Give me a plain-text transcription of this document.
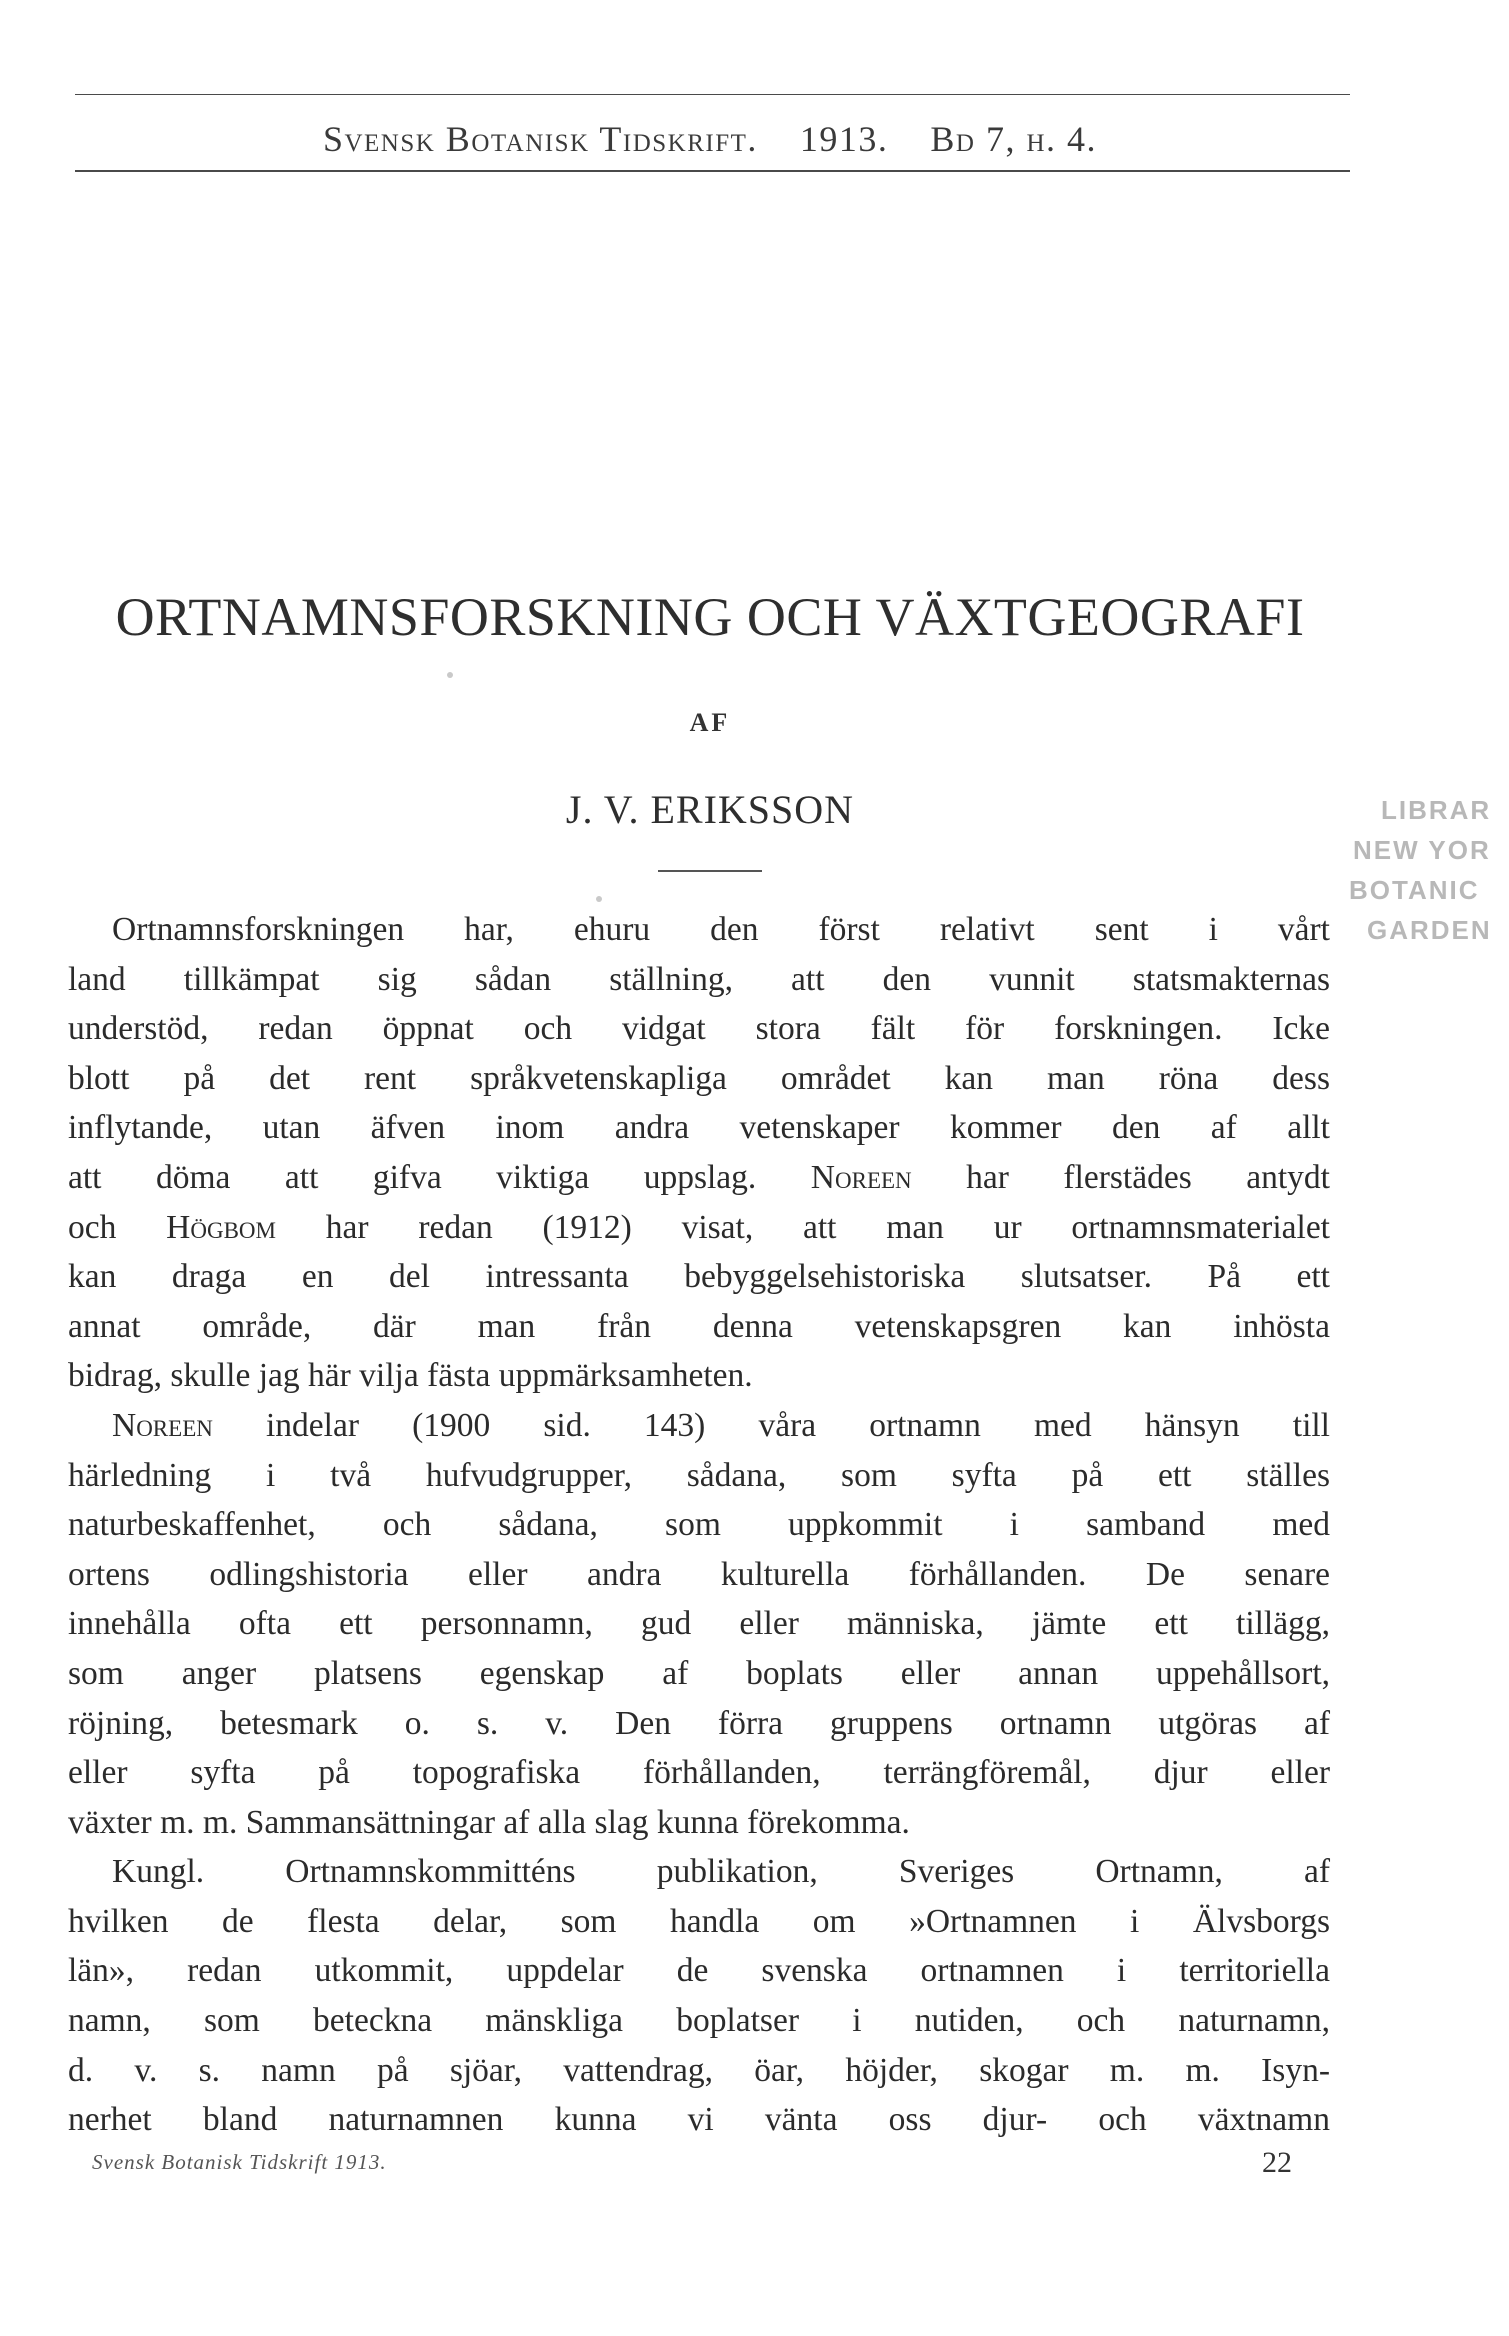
Svensk Botanisk Tidskrift. 1913. Bd 7, h. 4.
ORTNAMNSFORSKNING OCH VÄXTGEOGRAFI
AF
J. V. ERIKSSON	LIBRAR
NEW YOR
BOTANIC
GARDEN
Ortnamnsforskningen har, ehuru den först relativt sent i vårt
land tillkämpat sig sådan ställning, att den vunnit statsmakternas
understöd, redan öppnat och vidgat stora fält för forskningen. Icke
blott på det rent språkvetenskapliga området kan man röna dess
inflytande, utan äfven inom andra vetenskaper kommer den af allt
att döma att gifva viktiga uppslag. Noreen har flerstädes antydt
och Högbom har redan (1912) visat, att man ur ortnamnsmaterialet
kan draga en del intressanta bebyggelsehistoriska slutsatser. På ett
annat område, där man från denna vetenskapsgren kan inhösta
bidrag, skulle jag här vilja fästa uppmärksamheten.
Noreen indelar (1900 sid. 143) våra ortnamn med hänsyn till
härledning i två hufvudgrupper, sådana, som syfta på ett ställes
naturbeskaffenhet, och sådana, som uppkommit i samband med
ortens odlingshistoria eller andra kulturella förhållanden. De senare
innehålla ofta ett personnamn, gud eller människa, jämte ett tillägg,
som anger platsens egenskap af boplats eller annan uppehållsort,
röjning, betesmark o. s. v. Den förra gruppens ortnamn utgöras af
eller syfta på topografiska förhållanden, terrängföremål, djur eller
växter m. m. Sammansättningar af alla slag kunna förekomma.
Kungl. Ortnamnskommitténs publikation, Sveriges Ortnamn, af
hvilken de flesta delar, som handla om »Ortnamnen i Älvsborgs
län», redan utkommit, uppdelar de svenska ortnamnen i territoriella
namn, som beteckna mänskliga boplatser i nutiden, och naturnamn,
d. v. s. namn på sjöar, vattendrag, öar, höjder, skogar m. m. Isyn-
nerhet bland naturnamnen kunna vi vänta oss djur- och växtnamn
Svensk Botanisk Tidskrift 1913.	22
